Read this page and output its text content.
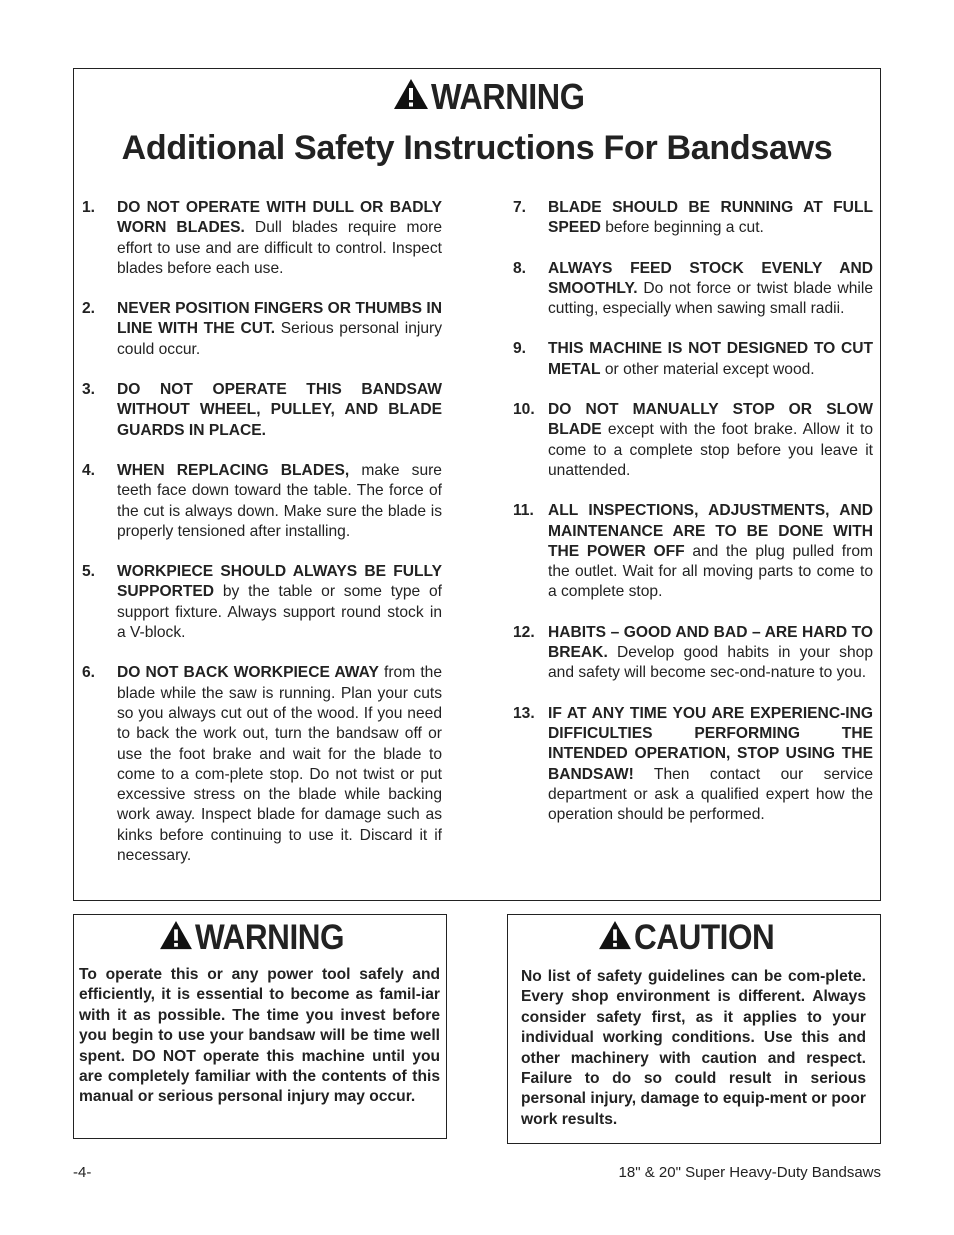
WARNING
Additional Safety Instructions For Bandsaws
1. DO NOT OPERATE WITH DULL OR BADLY WORN BLADES. Dull blades require more effort to use and are difficult to control. Inspect blades before each use.
2. NEVER POSITION FINGERS OR THUMBS IN LINE WITH THE CUT. Serious personal injury could occur.
3. DO NOT OPERATE THIS BANDSAW WITHOUT WHEEL, PULLEY, AND BLADE GUARDS IN PLACE.
4. WHEN REPLACING BLADES, make sure teeth face down toward the table. The force of the cut is always down. Make sure the blade is properly tensioned after installing.
5. WORKPIECE SHOULD ALWAYS BE FULLY SUPPORTED by the table or some type of support fixture. Always support round stock in a V-block.
6. DO NOT BACK WORKPIECE AWAY from the blade while the saw is running. Plan your cuts so you always cut out of the wood. If you need to back the work out, turn the bandsaw off or use the foot brake and wait for the blade to come to a com-plete stop. Do not twist or put excessive stress on the blade while backing work away. Inspect blade for damage such as kinks before continuing to use it. Discard it if necessary.
7. BLADE SHOULD BE RUNNING AT FULL SPEED before beginning a cut.
8. ALWAYS FEED STOCK EVENLY AND SMOOTHLY. Do not force or twist blade while cutting, especially when sawing small radii.
9. THIS MACHINE IS NOT DESIGNED TO CUT METAL or other material except wood.
10. DO NOT MANUALLY STOP OR SLOW BLADE except with the foot brake. Allow it to come to a complete stop before you leave it unattended.
11. ALL INSPECTIONS, ADJUSTMENTS, AND MAINTENANCE ARE TO BE DONE WITH THE POWER OFF and the plug pulled from the outlet. Wait for all moving parts to come to a complete stop.
12. HABITS – GOOD AND BAD – ARE HARD TO BREAK. Develop good habits in your shop and safety will become sec-ond-nature to you.
13. IF AT ANY TIME YOU ARE EXPERIENC-ING DIFFICULTIES PERFORMING THE INTENDED OPERATION, STOP USING THE BANDSAW! Then contact our service department or ask a qualified expert how the operation should be performed.
WARNING
To operate this or any power tool safely and efficiently, it is essential to become as famil-iar with it as possible. The time you invest before you begin to use your bandsaw will be time well spent. DO NOT operate this machine until you are completely familiar with the contents of this manual or serious personal injury may occur.
CAUTION
No list of safety guidelines can be com-plete. Every shop environment is different. Always consider safety first, as it applies to your individual working conditions. Use this and other machinery with caution and respect. Failure to do so could result in serious personal injury, damage to equip-ment or poor work results.
-4-	18" & 20" Super Heavy-Duty Bandsaws
